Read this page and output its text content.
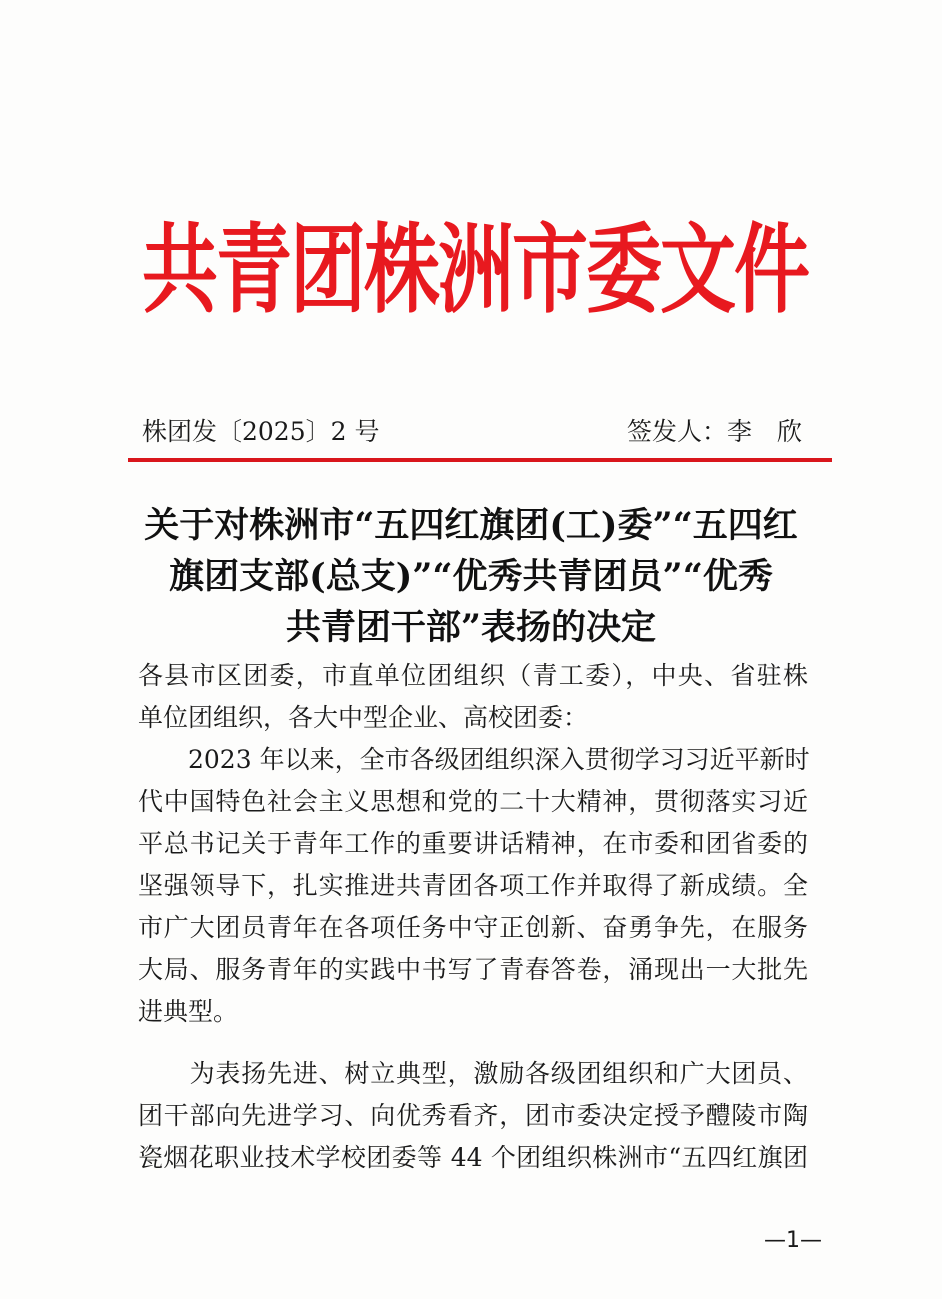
共青团株洲市委文件
株团发〔2025〕2 号	签发人：李　欣
关于对株洲市“五四红旗团(工)委”“五四红
旗团支部(总支)”“优秀共青团员”“优秀
共青团干部”表扬的决定
各县市区团委，市直单位团组织（青工委），中央、省驻株
单位团组织，各大中型企业、高校团委：
　　2023 年以来，全市各级团组织深入贯彻学习习近平新时
代中国特色社会主义思想和党的二十大精神，贯彻落实习近
平总书记关于青年工作的重要讲话精神，在市委和团省委的
坚强领导下，扎实推进共青团各项工作并取得了新成绩。全
市广大团员青年在各项任务中守正创新、奋勇争先，在服务
大局、服务青年的实践中书写了青春答卷，涌现出一大批先
进典型。
　　为表扬先进、树立典型，激励各级团组织和广大团员、
团干部向先进学习、向优秀看齐，团市委决定授予醴陵市陶
瓷烟花职业技术学校团委等 44 个团组织株洲市“五四红旗团
—1—
